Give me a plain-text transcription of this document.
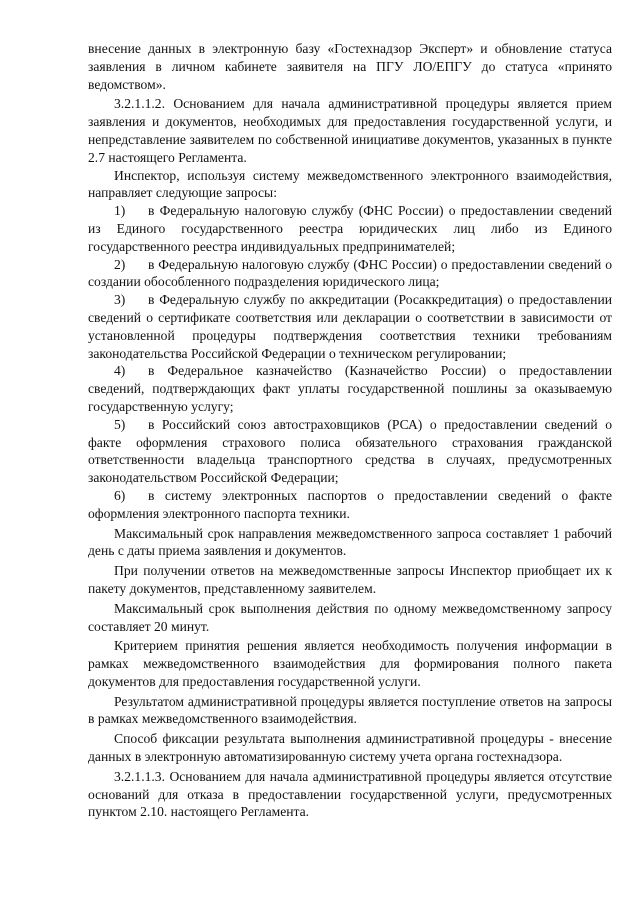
внесение данных в электронную базу «Гостехнадзор Эксперт» и обновление статуса заявления в личном кабинете заявителя на ПГУ ЛО/ЕПГУ до статуса «принято ведомством».

3.2.1.1.2. Основанием для начала административной процедуры является прием заявления и документов, необходимых для предоставления государственной услуги, и непредставление заявителем по собственной инициативе документов, указанных в пункте 2.7 настоящего Регламента.

Инспектор, используя систему межведомственного электронного взаимодействия, направляет следующие запросы:

1) в Федеральную налоговую службу (ФНС России) о предоставлении сведений из Единого государственного реестра юридических лиц либо из Единого государственного реестра индивидуальных предпринимателей;

2) в Федеральную налоговую службу (ФНС России) о предоставлении сведений о создании обособленного подразделения юридического лица;

3) в Федеральную службу по аккредитации (Росаккредитация) о предоставлении сведений о сертификате соответствия или декларации о соответствии в зависимости от установленной процедуры подтверждения соответствия техники требованиям законодательства Российской Федерации о техническом регулировании;

4) в Федеральное казначейство (Казначейство России) о предоставлении сведений, подтверждающих факт уплаты государственной пошлины за оказываемую государственную услугу;

5) в Российский союз автостраховщиков (РСА) о предоставлении сведений о факте оформления страхового полиса обязательного страхования гражданской ответственности владельца транспортного средства в случаях, предусмотренных законодательством Российской Федерации;

6) в систему электронных паспортов о предоставлении сведений о факте оформления электронного паспорта техники.

Максимальный срок направления межведомственного запроса составляет 1 рабочий день с даты приема заявления и документов.

При получении ответов на межведомственные запросы Инспектор приобщает их к пакету документов, представленному заявителем.

Максимальный срок выполнения действия по одному межведомственному запросу составляет 20 минут.

Критерием принятия решения является необходимость получения информации в рамках межведомственного взаимодействия для формирования полного пакета документов для предоставления государственной услуги.

Результатом административной процедуры является поступление ответов на запросы в рамках межведомственного взаимодействия.

Способ фиксации результата выполнения административной процедуры - внесение данных в электронную автоматизированную систему учета органа гостехнадзора.

3.2.1.1.3. Основанием для начала административной процедуры является отсутствие оснований для отказа в предоставлении государственной услуги, предусмотренных пунктом 2.10. настоящего Регламента.
